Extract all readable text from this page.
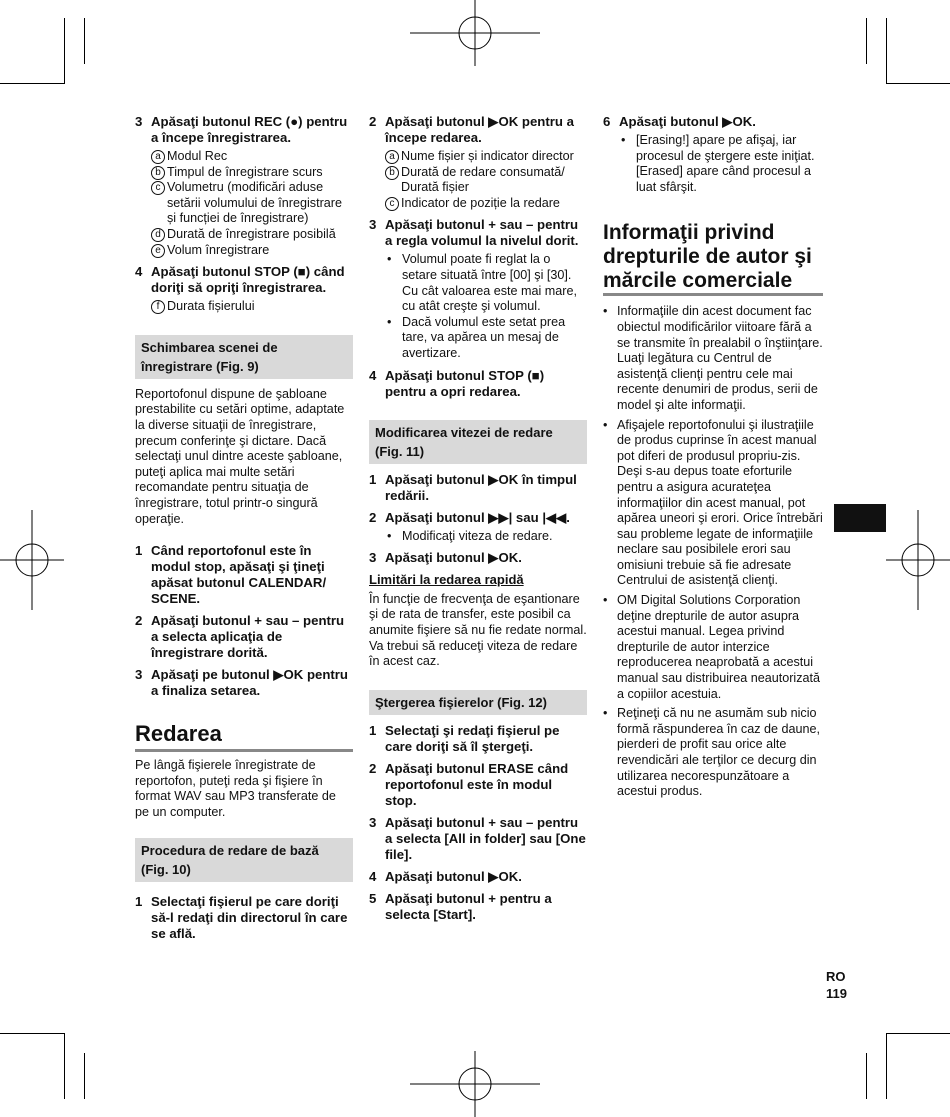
3 Apăsaţi butonul REC (●) pentru a începe înregistrarea.
a Modul Rec
b Timpul de înregistrare scurs
c Volumetru (modificări aduse setării volumului de înregistrare și funcției de înregistrare)
d Durată de înregistrare posibilă
e Volum înregistrare
4 Apăsaţi butonul STOP (■) când doriţi să opriţi înregistrarea.
f Durata fișierului
Schimbarea scenei de înregistrare (Fig. 9)

Reportofonul dispune de şabloane prestabilite cu setări optime, adaptate la diverse situaţii de înregistrare, precum conferinţe şi dictare. Dacă selectaţi unul dintre aceste şabloane, puteţi aplica mai multe setări recomandate pentru situaţia de înregistrare, totul printr-o singură operaţie.

1 Când reportofonul este în modul stop, apăsaţi şi ţineţi apăsat butonul CALENDAR/ SCENE.
2 Apăsaţi butonul + sau – pentru a selecta aplicaţia de înregistrare dorită.
3 Apăsaţi pe butonul ▶OK pentru a finaliza setarea.
Redarea

Pe lângă fişierele înregistrate de reportofon, puteţi reda şi fişiere în format WAV sau MP3 transferate de pe un computer.

Procedura de redare de bază (Fig. 10)
1 Selectaţi fişierul pe care doriţi să-l redaţi din directorul în care se află.
2 Apăsaţi butonul ▶OK pentru a începe redarea.
a Nume fișier și indicator director
b Durată de redare consumată/ Durată fișier
c Indicator de poziție la redare
3 Apăsaţi butonul + sau – pentru a regla volumul la nivelul dorit.
• Volumul poate fi reglat la o setare situată între [00] şi [30]. Cu cât valoarea este mai mare, cu atât creşte şi volumul.
• Dacă volumul este setat prea tare, va apărea un mesaj de avertizare.
4 Apăsaţi butonul STOP (■) pentru a opri redarea.
Modificarea vitezei de redare (Fig. 11)
1 Apăsaţi butonul ▶OK în timpul redării.
2 Apăsaţi butonul ▶▶| sau |◀◀.
• Modificaţi viteza de redare.
3 Apăsaţi butonul ▶OK.
Limitări la redarea rapidă

În funcţie de frecvenţa de eşantionare şi de rata de transfer, este posibil ca anumite fişiere să nu fie redate normal. Va trebui să reduceţi viteza de redare în acest caz.

Ştergerea fişierelor (Fig. 12)
1 Selectaţi şi redaţi fişierul pe care doriţi să îl ştergeţi.
2 Apăsaţi butonul ERASE când reportofonul este în modul stop.
3 Apăsaţi butonul + sau – pentru a selecta [All in folder] sau [One file].
4 Apăsaţi butonul ▶OK.
5 Apăsaţi butonul + pentru a selecta [Start].
6 Apăsaţi butonul ▶OK.
• [Erasing!] apare pe afişaj, iar procesul de ştergere este iniţiat. [Erased] apare când procesul a luat sfârşit.
Informaţii privind drepturile de autor şi mărcile comerciale
• Informaţiile din acest document fac obiectul modificărilor viitoare fără a se transmite în prealabil o înştiinţare. Luaţi legătura cu Centrul de asistenţă clienţi pentru cele mai recente denumiri de produs, serii de model şi alte informaţii.
• Afişajele reportofonului şi ilustraţiile de produs cuprinse în acest manual pot diferi de produsul propriu-zis. Deşi s-au depus toate eforturile pentru a asigura acurateţea informaţiilor din acest manual, pot apărea uneori şi erori. Orice întrebări sau probleme legate de informaţiile neclare sau posibilele erori sau omisiuni trebuie să fie adresate Centrului de asistenţă clienţi.
• OM Digital Solutions Corporation deţine drepturile de autor asupra acestui manual. Legea privind drepturile de autor interzice reproducerea neaprobată a acestui manual sau distribuirea neautorizată a copiilor acestuia.
• Reţineţi că nu ne asumăm sub nicio formă răspunderea în caz de daune, pierderi de profit sau orice alte revendicări ale terţilor ce decurg din utilizarea necorespunzătoare a acestui produs.
RO
119
